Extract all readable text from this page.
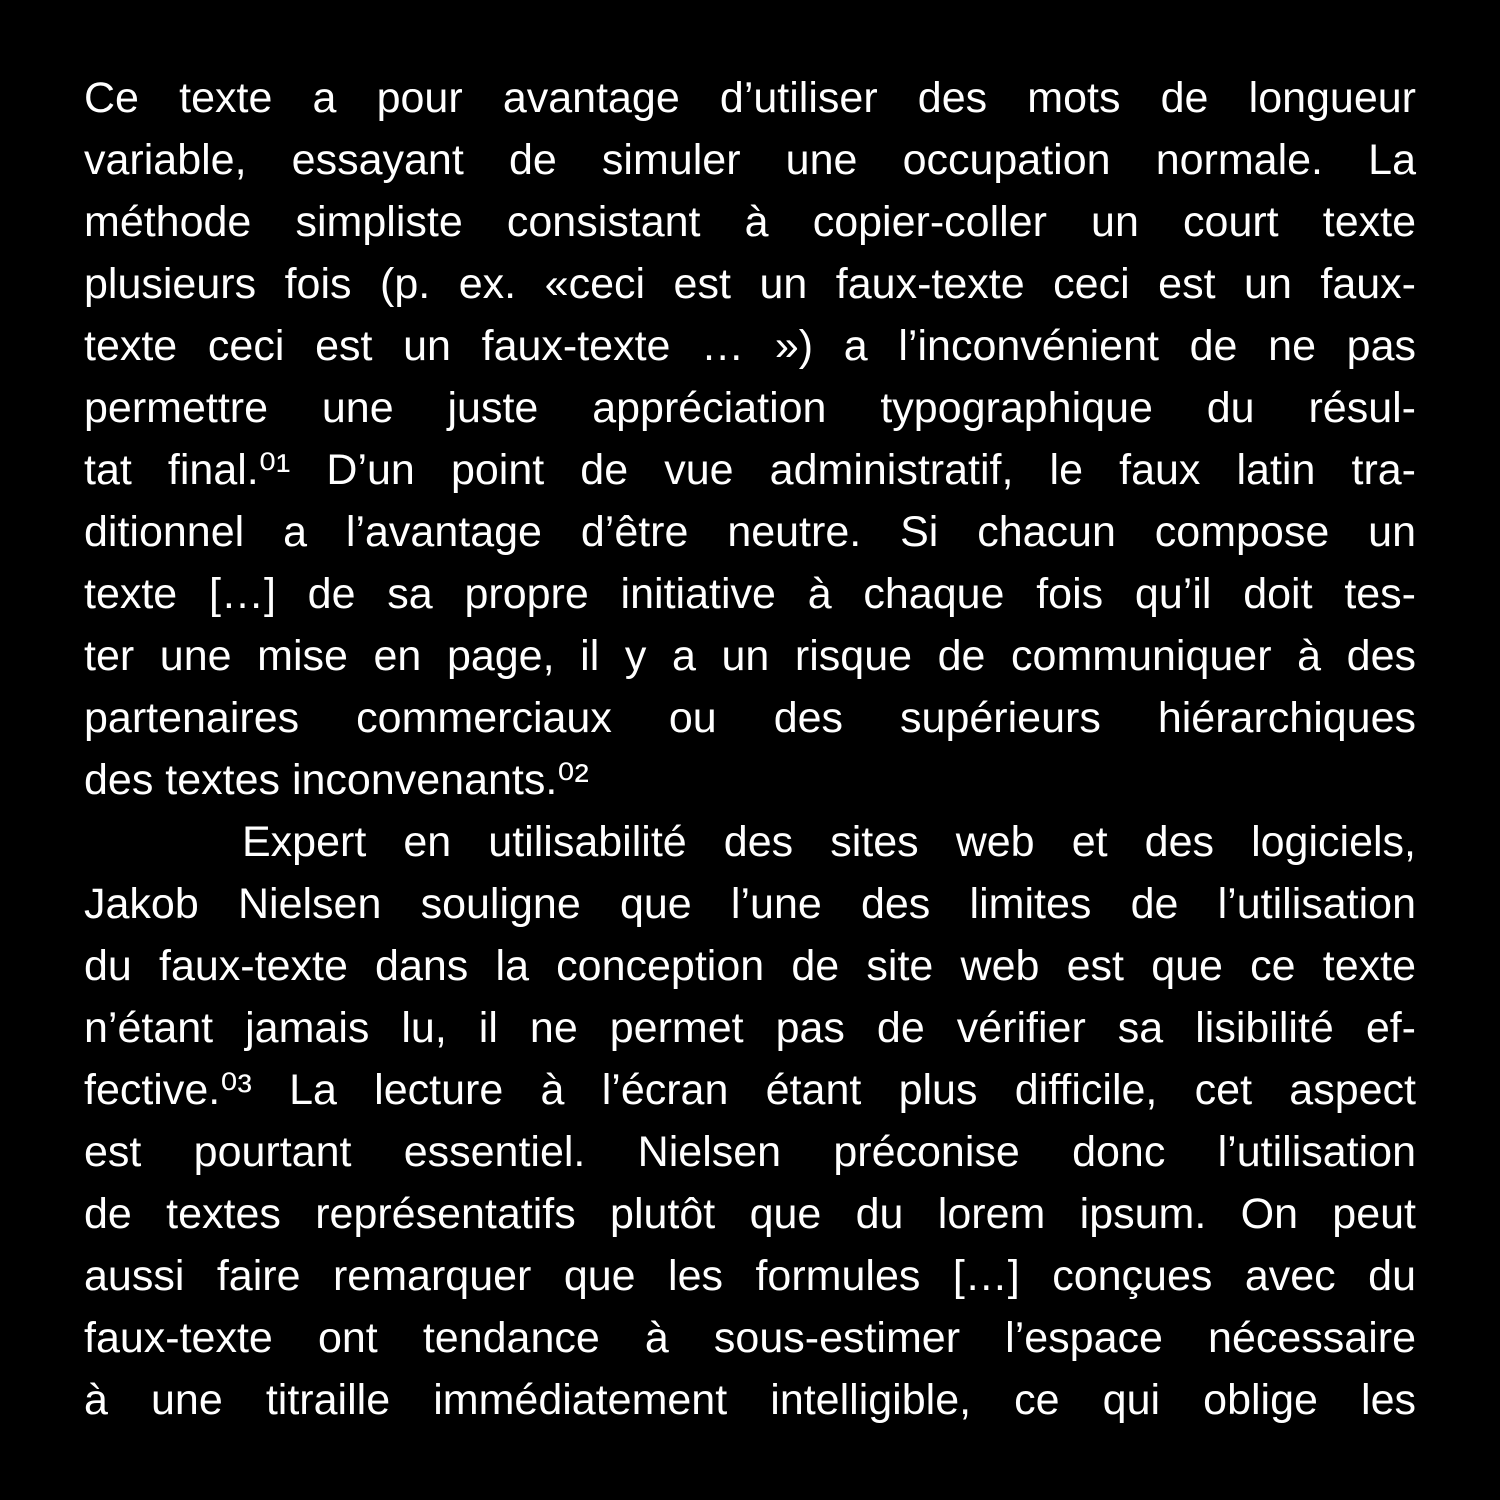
Ce texte a pour avantage d’utiliser des mots de longueur
variable, essayant de simuler une occupation normale. La
méthode simpliste consistant à copier-coller un court texte
plusieurs fois (p. ex. «ceci est un faux-texte ceci est un faux-
texte ceci est un faux-texte … ») a l’inconvénient de ne pas
permettre une juste appréciation typographique du résul-
tat final.⁰¹ D’un point de vue administratif, le faux latin tra-
ditionnel a l’avantage d’être neutre. Si chacun compose un
texte […] de sa propre initiative à chaque fois qu’il doit tes-
ter une mise en page, il y a un risque de communiquer à des
partenaires commerciaux ou des supérieurs hiérarchiques
des textes inconvenants.⁰²
Expert en utilisabilité des sites web et des logiciels,
Jakob Nielsen souligne que l’une des limites de l’utilisation
du faux-texte dans la conception de site web est que ce texte
n’étant jamais lu, il ne permet pas de vérifier sa lisibilité ef-
fective.⁰³ La lecture à l’écran étant plus difficile, cet aspect
est pourtant essentiel. Nielsen préconise donc l’utilisation
de textes représentatifs plutôt que du lorem ipsum. On peut
aussi faire remarquer que les formules […] conçues avec du
faux-texte ont tendance à sous-estimer l’espace nécessaire
à une titraille immédiatement intelligible, ce qui oblige les
